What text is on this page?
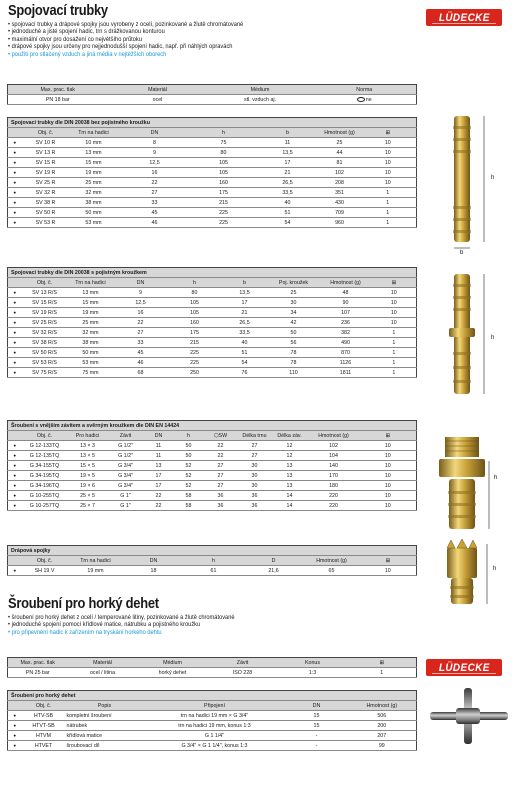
Spojovací trubky	LÜDECKE
• spojovací trubky a drápové spojky jsou vyrobeny z ocelí, pozinkované a žlutě chromátované
• jednoduché a jisté spojení hadic, trn s drážkovanou konturou
• maximální otvor pro dosažení co největšího průtoku
• drápové spojky jsou určeny pro nejjednodušší spojení hadic, např. při náhlých opravách
• použití pro stlačený vzduch a jiná média v nejtěžších oborech
Max. prac. tlak	Materiál	Médium	Norma
PN 18 bar	ocel	stl. vzduch aj.	ne
Spojovací trubky dle DIN 20038 bez pojistného kroužku							
	Obj. č.	Trn na hadici	DN	h	b	Hmotnost (g)	⊞
●	SV 10 R	10 mm	8	75	11	25	10
●	SV 13 R	13 mm	9	80	13,5	44	10
●	SV 15 R	15 mm	12,5	105	17	81	10
●	SV 19 R	19 mm	16	105	21	102	10
●	SV 25 R	25 mm	22	160	26,5	208	10
●	SV 32 R	32 mm	27	175	33,5	351	1
●	SV 38 R	38 mm	33	215	40	430	1
●	SV 50 R	50 mm	45	225	51	709	1
●	SV 53 R	53 mm	46	225	54	960	1
Spojovací trubky dle DIN 20038 s pojistným kroužkem								
	Obj. č.	Trn na hadici	DN	h	b	Poj. kroužek	Hmotnost (g)	⊞
●	SV 13 R/S	13 mm	9	80	13,5	25	48	10
●	SV 15 R/S	15 mm	12,5	105	17	30	90	10
●	SV 19 R/S	19 mm	16	105	21	34	107	10
●	SV 25 R/S	25 mm	22	160	26,5	42	236	10
●	SV 32 R/S	32 mm	27	175	33,5	50	382	1
●	SV 38 R/S	38 mm	33	215	40	56	490	1
●	SV 50 R/S	50 mm	45	225	51	78	870	1
●	SV 53 R/S	53 mm	46	225	54	78	1126	1
●	SV 75 R/S	75 mm	68	250	76	110	1811	1
Šroubení s vnějším závitem a svěrným kroužkem dle DIN EN 14424										
	Obj. č.	Pro hadici	Závit	DN	h	⬡SW	Délka trnu	Délka záv.	Hmotnost (g)	⊞
●	G 12-133TQ	13 × 3	G 1/2"	11	50	22	27	12	102	10
●	G 12-135TQ	13 × 5	G 1/2"	11	50	22	27	12	104	10
●	G 34-155TQ	15 × 5	G 3/4"	13	52	27	30	13	140	10
●	G 34-195TQ	19 × 5	G 3/4"	17	52	27	30	13	170	10
●	G 34-196TQ	19 × 6	G 3/4"	17	52	27	30	13	180	10
●	G 10-255TQ	25 × 5	G 1"	22	58	36	36	14	220	10
●	G 10-257TQ	25 × 7	G 1"	22	58	36	36	14	220	10
Drápová spojky							
	Obj. č.	Trn na hadici	DN	h	D	Hmotnost (g)	⊞
●	SH 19 V	19 mm	18	61	21,6	65	10
Šroubení pro horký dehet
• šroubení pro horký dehet z ocelí / temperované litiny, pozinkované a žlutě chromátované
• jednoduché spojení pomocí křídlové matice, nátrubku a pojistného kroužku
• pro připevnění hadic k zařízením na tryskání horkého dehtu
LÜDECKE
Max. prac. tlak	Materiál	Médium	Závit	Konus	⊞
PN 25 bar	ocel / litina	horký dehet	ISO 228	1:3	1
Šroubení pro horký dehet					
	Obj. č.	Popis	Připojení	DN	Hmotnost (g)
●	HTV-SB	kompletní šroubení	trn na hadici 19 mm × G 3/4"	15	506
●	HTVT-SB	nátrubek	trn na hadici 19 mm, konus 1:3	15	200
●	HTVM	křídlová matice	G 1 1/4"	-	207
●	HTVET	šroubovací díl	G 3/4" × G 1 1/4", konus 1:3	-	99
h
b
h
h
h
